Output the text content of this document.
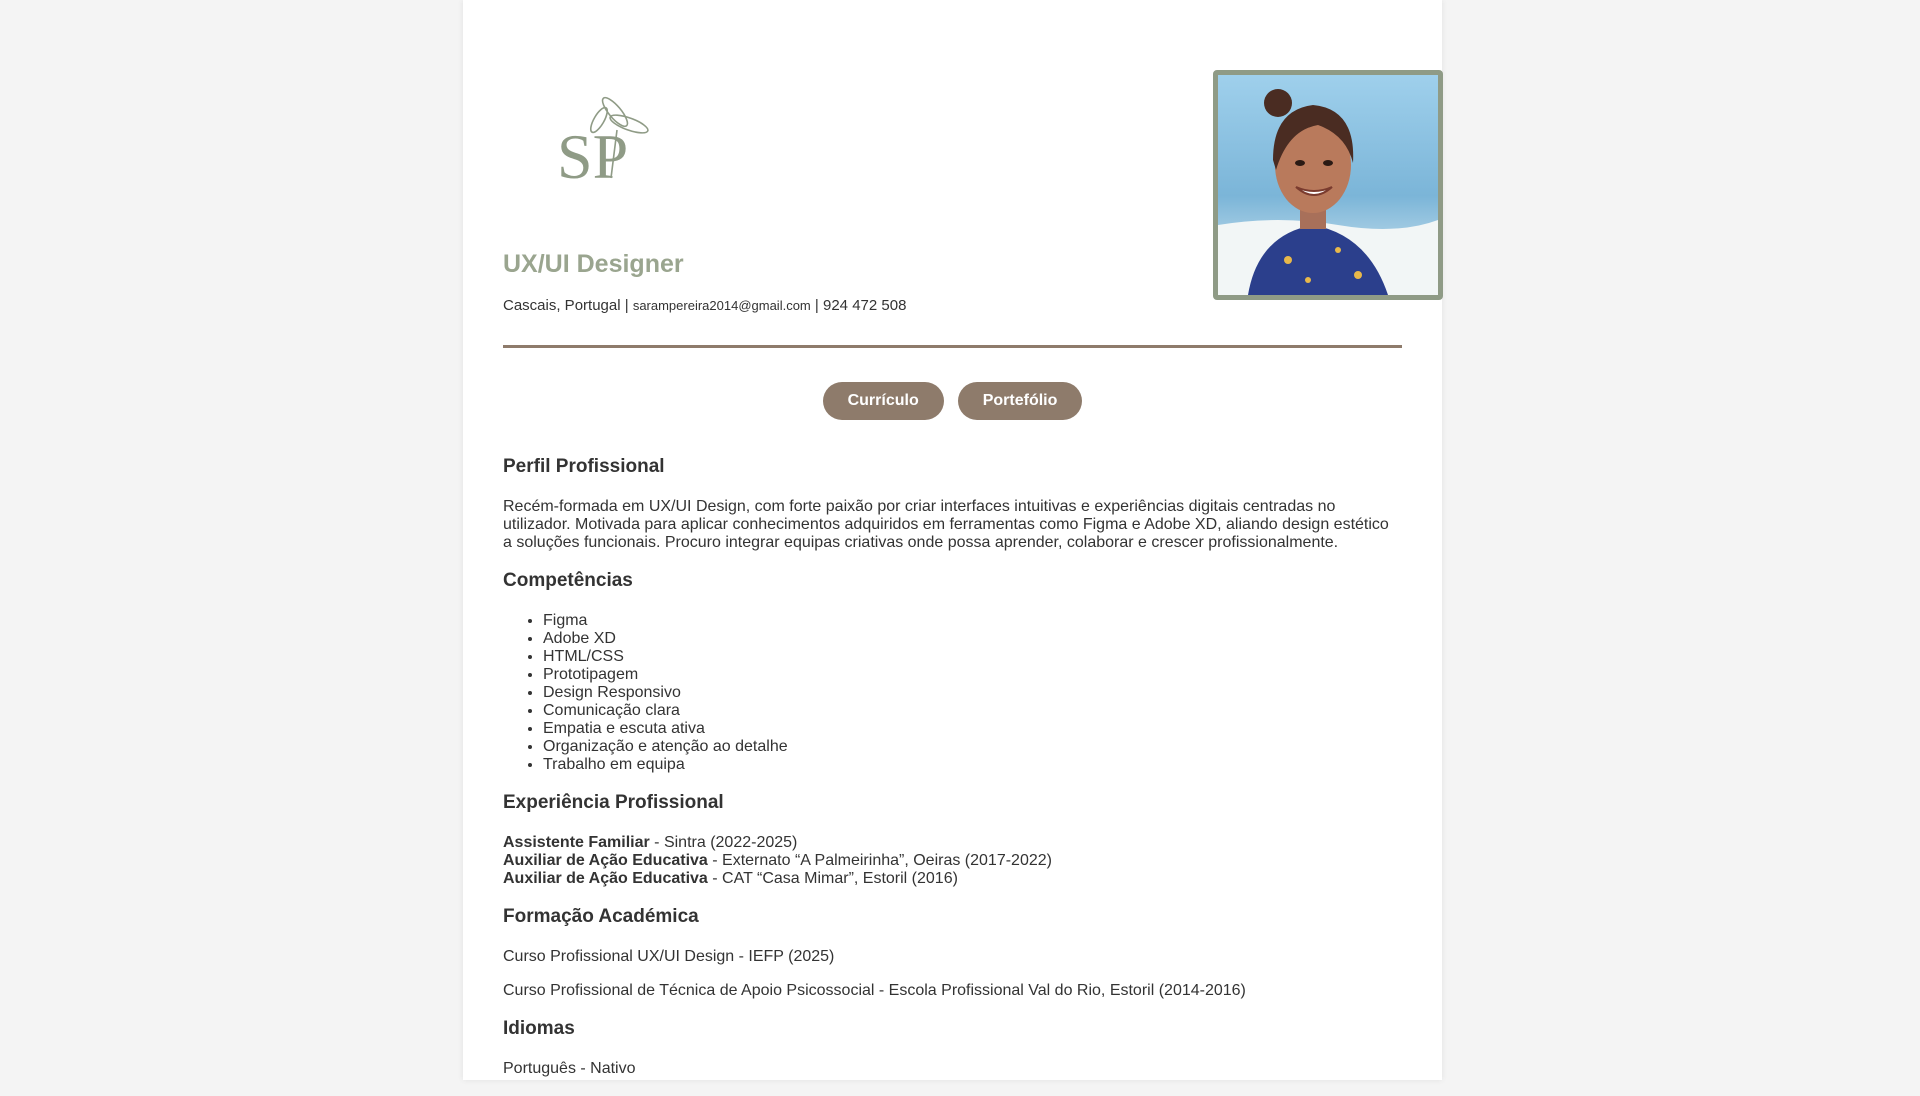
SP
UX/UI Designer
Cascais, Portugal | sarampereira2014@gmail.com | 924 472 508
Currículo	Portefólio
Perfil Profissional

Recém-formada em UX/UI Design, com forte paixão por criar interfaces intuitivas e experiências digitais centradas no utilizador. Motivada para aplicar conhecimentos adquiridos em ferramentas como Figma e Adobe XD, aliando design estético a soluções funcionais. Procuro integrar equipas criativas onde possa aprender, colaborar e crescer profissionalmente.

Competências
• Figma
• Adobe XD
• HTML/CSS
• Prototipagem
• Design Responsivo
• Comunicação clara
• Empatia e escuta ativa
• Organização e atenção ao detalhe
• Trabalho em equipa
Experiência Profissional
Assistente Familiar - Sintra (2022-2025)
Auxiliar de Ação Educativa - Externato “A Palmeirinha”, Oeiras (2017-2022)
Auxiliar de Ação Educativa - CAT “Casa Mimar”, Estoril (2016)
Formação Académica

Curso Profissional UX/UI Design - IEFP (2025)

Curso Profissional de Técnica de Apoio Psicossocial - Escola Profissional Val do Rio, Estoril (2014-2016)

Idiomas

Português - Nativo
